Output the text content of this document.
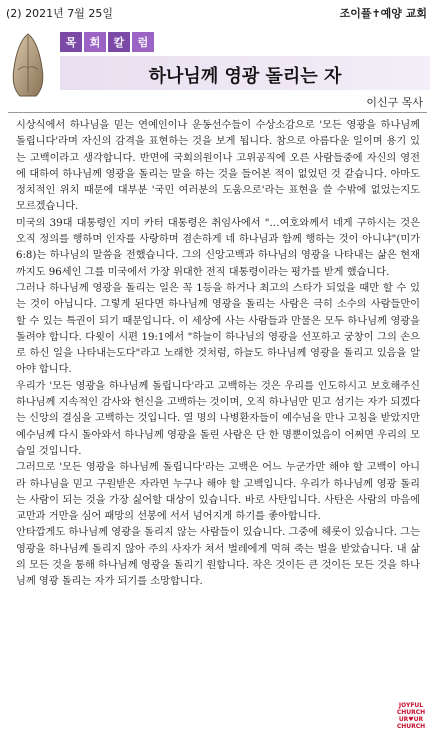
(2) 2021년 7월 25일	조이플✝예양 교회
목	회	칼	럼
하나님께 영광 돌리는 자
이신구 목사

시상식에서 하나님을 믿는 연예인이나 운동선수들이 수상소감으로 '모든 영광을 하나님께 돌립니다'라며 자신의 감격을 표현하는 것을 보게 됩니다. 참으로 아름다운 일이며 용기 있는 고백이라고 생각합니다. 반면에 국회의원이나 고위공직에 오른 사람들중에 자신의 영전에 대하여 하나님께 영광을 돌리는 말을 하는 것을 들어본 적이 없었던 것 같습니다. 아마도 정치적인 위치 때문에 대부분 '국민 여러분의 도움으로'라는 표현을 쓸 수밖에 없었는지도 모르겠습니다.

미국의 39대 대통령인 지미 카터 대통령은 취임사에서 "…여호와께서 네게 구하시는 것은 오직 정의를 행하며 인자를 사랑하며 겸손하게 네 하나님과 함께 행하는 것이 아니냐"(미가 6:8)는 하나님의 말씀을 전했습니다. 그의 신앙고백과 하나님의 영광을 나타내는 삶은 현재까지도 96세인 그를 미국에서 가장 위대한 전직 대통령이라는 평가를 받게 했습니다.

그러나 하나님께 영광을 돌리는 일은 꼭 1등을 하거나 최고의 스타가 되었을 때만 할 수 있는 것이 아닙니다. 그렇게 된다면 하나님께 영광을 돌리는 사람은 극히 소수의 사람들만이 할 수 있는 특권이 되기 때문입니다. 이 세상에 사는 사람들과 만물은 모두 하나님께 영광을 돌려야 합니다. 다윗이 시편 19:1에서 "하늘이 하나님의 영광을 선포하고 궁창이 그의 손으로 하신 일을 나타내는도다"라고 노래한 것처럼, 하늘도 하나님께 영광을 돌리고 있음을 알아야 합니다.

우리가 '모든 영광을 하나님께 돌립니다'라고 고백하는 것은 우리를 인도하시고 보호해주신 하나님께 지속적인 감사와 헌신을 고백하는 것이며, 오직 하나님만 믿고 섬기는 자가 되겠다는 신앙의 결심을 고백하는 것입니다. 열 명의 나병환자들이 예수님을 만나 고침을 받았지만 예수님께 다시 돌아와서 하나님께 영광을 돌린 사람은 단 한 명뿐이었음이 어쩌면 우리의 모습일 것입니다.

그러므로 '모든 영광을 하나님께 돌립니다'라는 고백은 어느 누군가만 해야 할 고백이 아니라 하나님을 믿고 구원받은 자라면 누구나 해야 할 고백입니다. 우리가 하나님께 영광 돌리는 사람이 되는 것을 가장 싫어할 대상이 있습니다. 바로 사탄입니다. 사탄은 사람의 마음에 교만과 거만을 심어 패망의 선봉에 서서 넘어지게 하기를 좋아합니다.

안타깝게도 하나님께 영광을 돌리지 않는 사람들이 있습니다. 그중에 헤롯이 있습니다. 그는 영광을 하나님께 돌리지 않아 주의 사자가 쳐서 벌레에게 먹혀 죽는 벌을 받았습니다. 내 삶의 모든 것을 통해 하나님께 영광을 돌리기 원합니다. 작은 것이든 큰 것이든 모든 것을 하나님께 영광 돌리는 자가 되기를 소망합니다.

JOYFUL
CHURCH
UR♥UR
CHURCH
